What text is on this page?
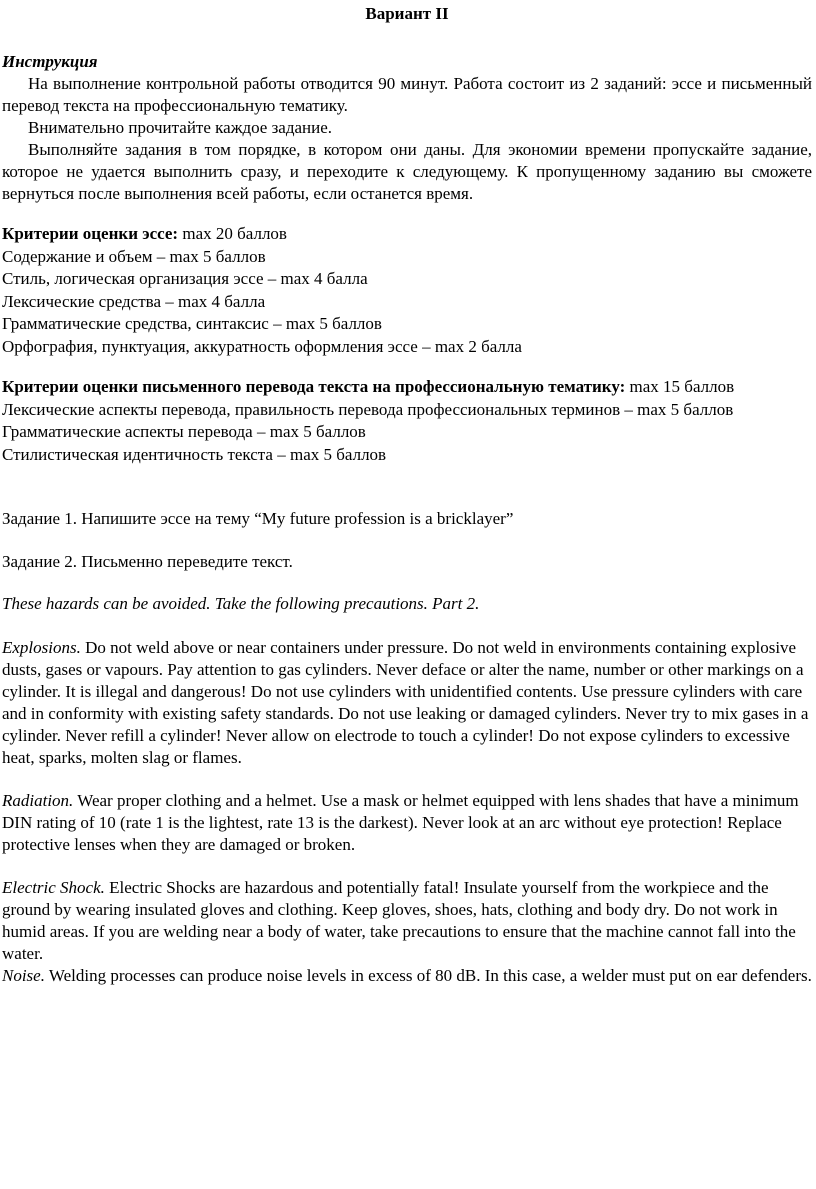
Вариант II

Инструкция

На выполнение контрольной работы отводится 90 минут. Работа состоит из 2 заданий: эссе и письменный перевод текста на профессиональную тематику.

Внимательно прочитайте каждое задание.

Выполняйте задания в том порядке, в котором они даны. Для экономии времени пропускайте задание, которое не удается выполнить сразу, и переходите к следующему. К пропущенному заданию вы сможете вернуться после выполнения всей работы, если останется время.

Критерии оценки эссе: max 20 баллов

Содержание и объем – max 5 баллов

Стиль, логическая организация эссе – max 4 балла

Лексические средства – max 4 балла

Грамматические средства, синтаксис – max 5 баллов

Орфография, пунктуация, аккуратность оформления эссе – max 2 балла

Критерии оценки письменного перевода текста на профессиональную тематику: max 15 баллов

Лексические аспекты перевода, правильность перевода профессиональных терминов – max 5 баллов

Грамматические аспекты перевода – max 5 баллов

Стилистическая идентичность текста – max 5 баллов

Задание 1. Напишите эссе на тему “My future profession is a bricklayer”

Задание 2. Письменно переведите текст.

These hazards can be avoided. Take the following precautions. Part 2.

Explosions. Do not weld above or near containers under pressure. Do not weld in environments containing explosive dusts, gases or vapours. Pay attention to gas cylinders. Never deface or alter the name, number or other markings on a cylinder. It is illegal and dangerous! Do not use cylinders with unidentified contents. Use pressure cylinders with care and in conformity with existing safety standards. Do not use leaking or damaged cylinders. Never try to mix gases in a cylinder. Never refill a cylinder! Never allow on electrode to touch a cylinder! Do not expose cylinders to excessive heat, sparks, molten slag or flames.

Radiation. Wear proper clothing and a helmet. Use a mask or helmet equipped with lens shades that have a minimum DIN rating of 10 (rate 1 is the lightest, rate 13 is the darkest). Never look at an arc without eye protection! Replace protective lenses when they are damaged or broken.

Electric Shock. Electric Shocks are hazardous and potentially fatal! Insulate yourself from the workpiece and the ground by wearing insulated gloves and clothing. Keep gloves, shoes, hats, clothing and body dry. Do not work in humid areas. If you are welding near a body of water, take precautions to ensure that the machine cannot fall into the water.

Noise. Welding processes can produce noise levels in excess of 80 dB. In this case, a welder must put on ear defenders.
